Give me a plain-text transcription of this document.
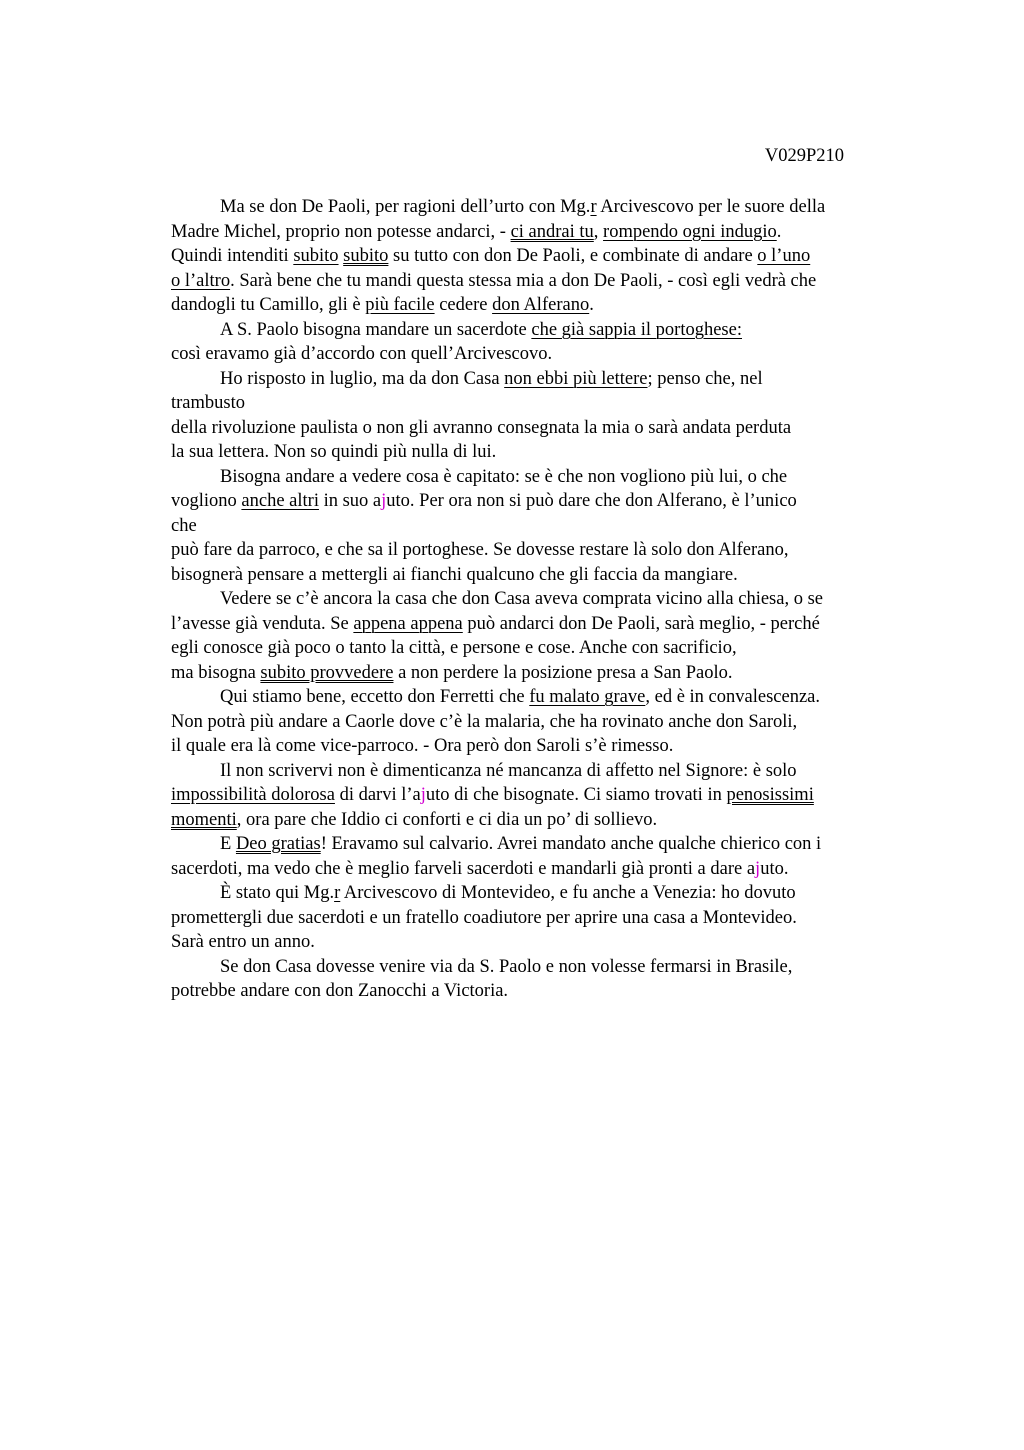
V029P210
Ma se don De Paoli, per ragioni dell’urto con Mg.r Arcivescovo per le suore della
Madre Michel, proprio non potesse andarci, - ci andrai tu, rompendo ogni indugio.
Quindi intenditi subito subito su tutto con don De Paoli, e combinate di andare o l’uno
o l’altro. Sarà bene che tu mandi questa stessa mia a don De Paoli, - così egli vedrà che
dandogli tu Camillo, gli è più facile cedere don Alferano.
A S. Paolo bisogna mandare un sacerdote che già sappia il portoghese:
così eravamo già d’accordo con quell’Arcivescovo.
Ho risposto in luglio, ma da don Casa non ebbi più lettere; penso che, nel
trambusto
della rivoluzione paulista o non gli avranno consegnata la mia o sarà andata perduta
la sua lettera. Non so quindi più nulla di lui.
Bisogna andare a vedere cosa è capitato: se è che non vogliono più lui, o che
vogliono anche altri in suo ajuto. Per ora non si può dare che don Alferano, è l’unico
che
può fare da parroco, e che sa il portoghese. Se dovesse restare là solo don Alferano,
bisognerà pensare a mettergli ai fianchi qualcuno che gli faccia da mangiare.
Vedere se c’è ancora la casa che don Casa aveva comprata vicino alla chiesa, o se
l’avesse già venduta. Se appena appena può andarci don De Paoli, sarà meglio, - perché
egli conosce già poco o tanto la città, e persone e cose. Anche con sacrificio,
ma bisogna subito provvedere a non perdere la posizione presa a San Paolo.
Qui stiamo bene, eccetto don Ferretti che fu malato grave, ed è in convalescenza.
Non potrà più andare a Caorle dove c’è la malaria, che ha rovinato anche don Saroli,
il quale era là come vice-parroco. - Ora però don Saroli s’è rimesso.
Il non scrivervi non è dimenticanza né mancanza di affetto nel Signore: è solo
impossibilità dolorosa di darvi l’ajuto di che bisognate. Ci siamo trovati in penosissimi
momenti, ora pare che Iddio ci conforti e ci dia un po’ di sollievo.
E Deo gratias! Eravamo sul calvario. Avrei mandato anche qualche chierico con i
sacerdoti, ma vedo che è meglio farveli sacerdoti e mandarli già pronti a dare ajuto.
È stato qui Mg.r Arcivescovo di Montevideo, e fu anche a Venezia: ho dovuto
promettergli due sacerdoti e un fratello coadiutore per aprire una casa a Montevideo.
Sarà entro un anno.
Se don Casa dovesse venire via da S. Paolo e non volesse fermarsi in Brasile,
potrebbe andare con don Zanocchi a Victoria.
